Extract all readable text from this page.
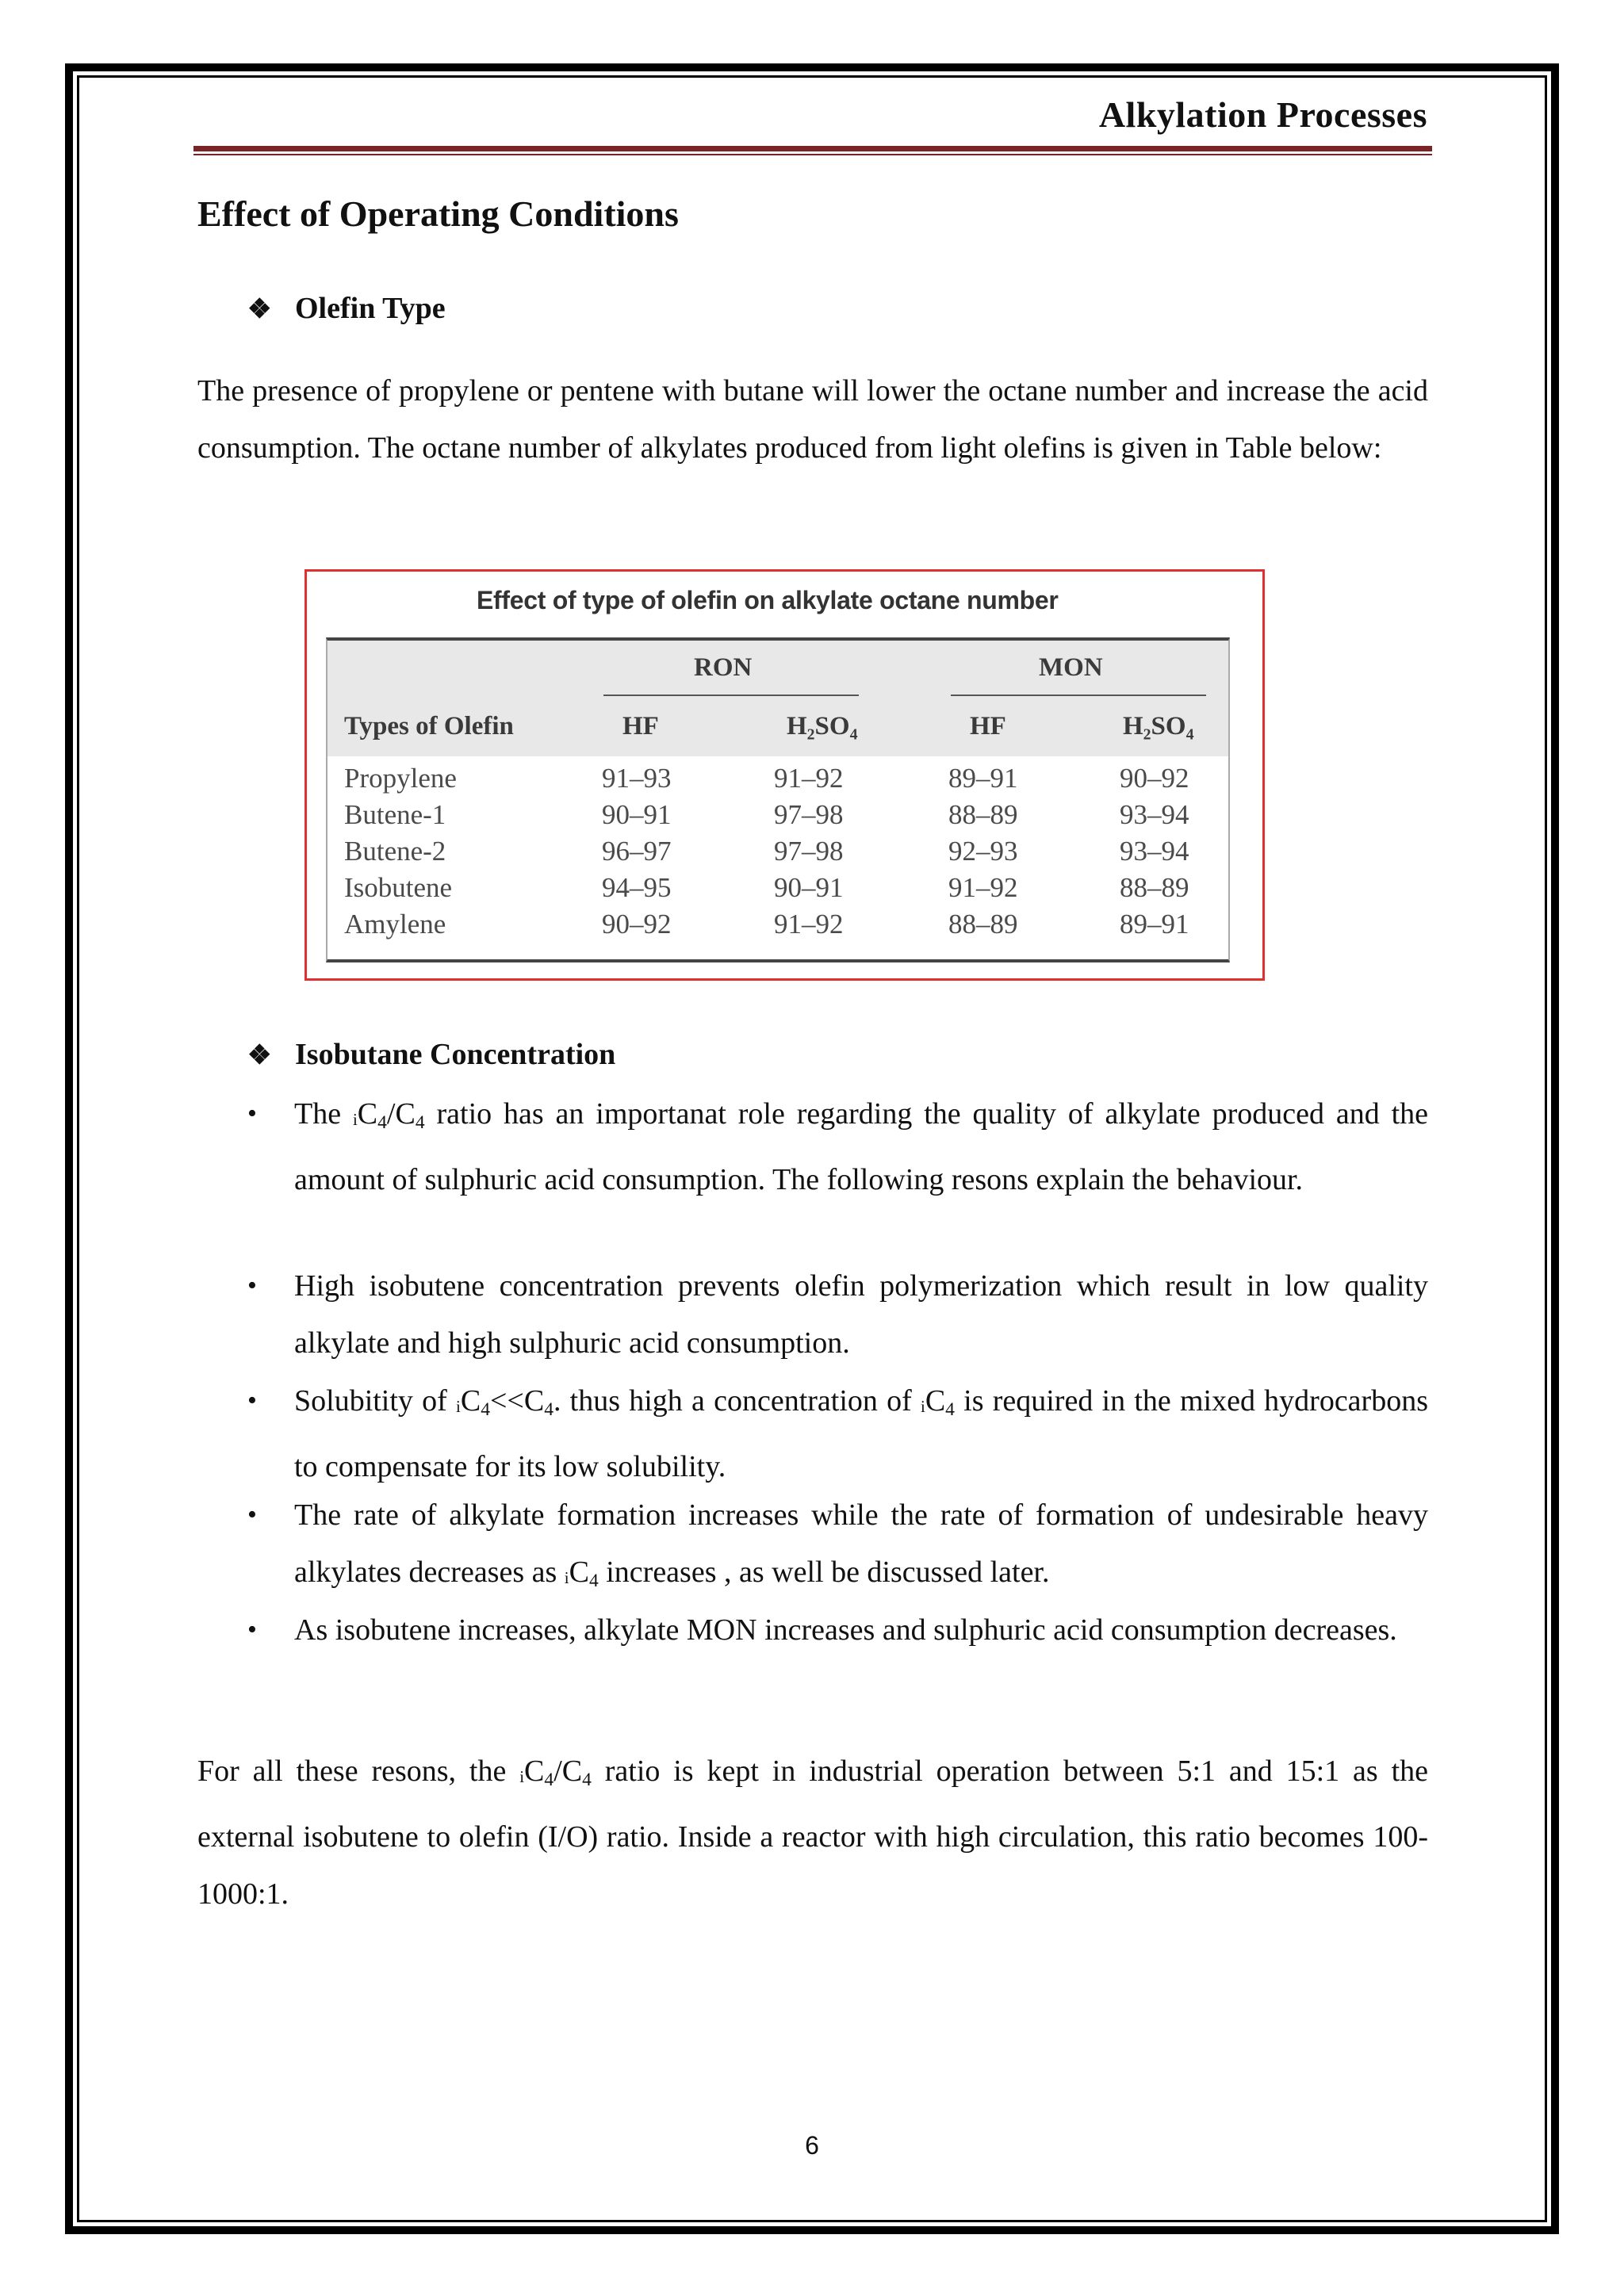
Alkylation Processes
Effect of Operating Conditions
❖ Olefin Type
The presence of propylene or pentene with butane will lower the octane number and increase the acid consumption. The octane number of alkylates produced from light olefins is given in Table below:
Effect of type of olefin on alkylate octane number
RON	MON
Types of Olefin	HF	H₂SO₄	HF	H₂SO₄
Propylene	91–93	91–92	89–91	90–92
Butene-1	90–91	97–98	88–89	93–94
Butene-2	96–97	97–98	92–93	93–94
Isobutene	94–95	90–91	91–92	88–89
Amylene	90–92	91–92	88–89	89–91
❖ Isobutane Concentration
• The $iC_4/C_4$ ratio has an importanat role regarding the quality of alkylate produced and the amount of sulphuric acid consumption. The following resons explain the behaviour.
• High isobutene concentration prevents olefin polymerization which result in low quality alkylate and high sulphuric acid consumption.
• Solubitity of $iC_4<<C_4$. thus high a concentration of $iC_4$ is required in the mixed hydrocarbons to compensate for its low solubility.
• The rate of alkylate formation increases while the rate of formation of undesirable heavy alkylates decreases as $iC_4$ increases , as well be discussed later.
• As isobutene increases, alkylate MON increases and sulphuric acid consumption decreases.
For all these resons, the $iC_4/C_4$ ratio is kept in industrial operation between 5:1 and 15:1 as the external isobutene to olefin (I/O) ratio. Inside a reactor with high circulation, this ratio becomes 100-1000:1.
6
